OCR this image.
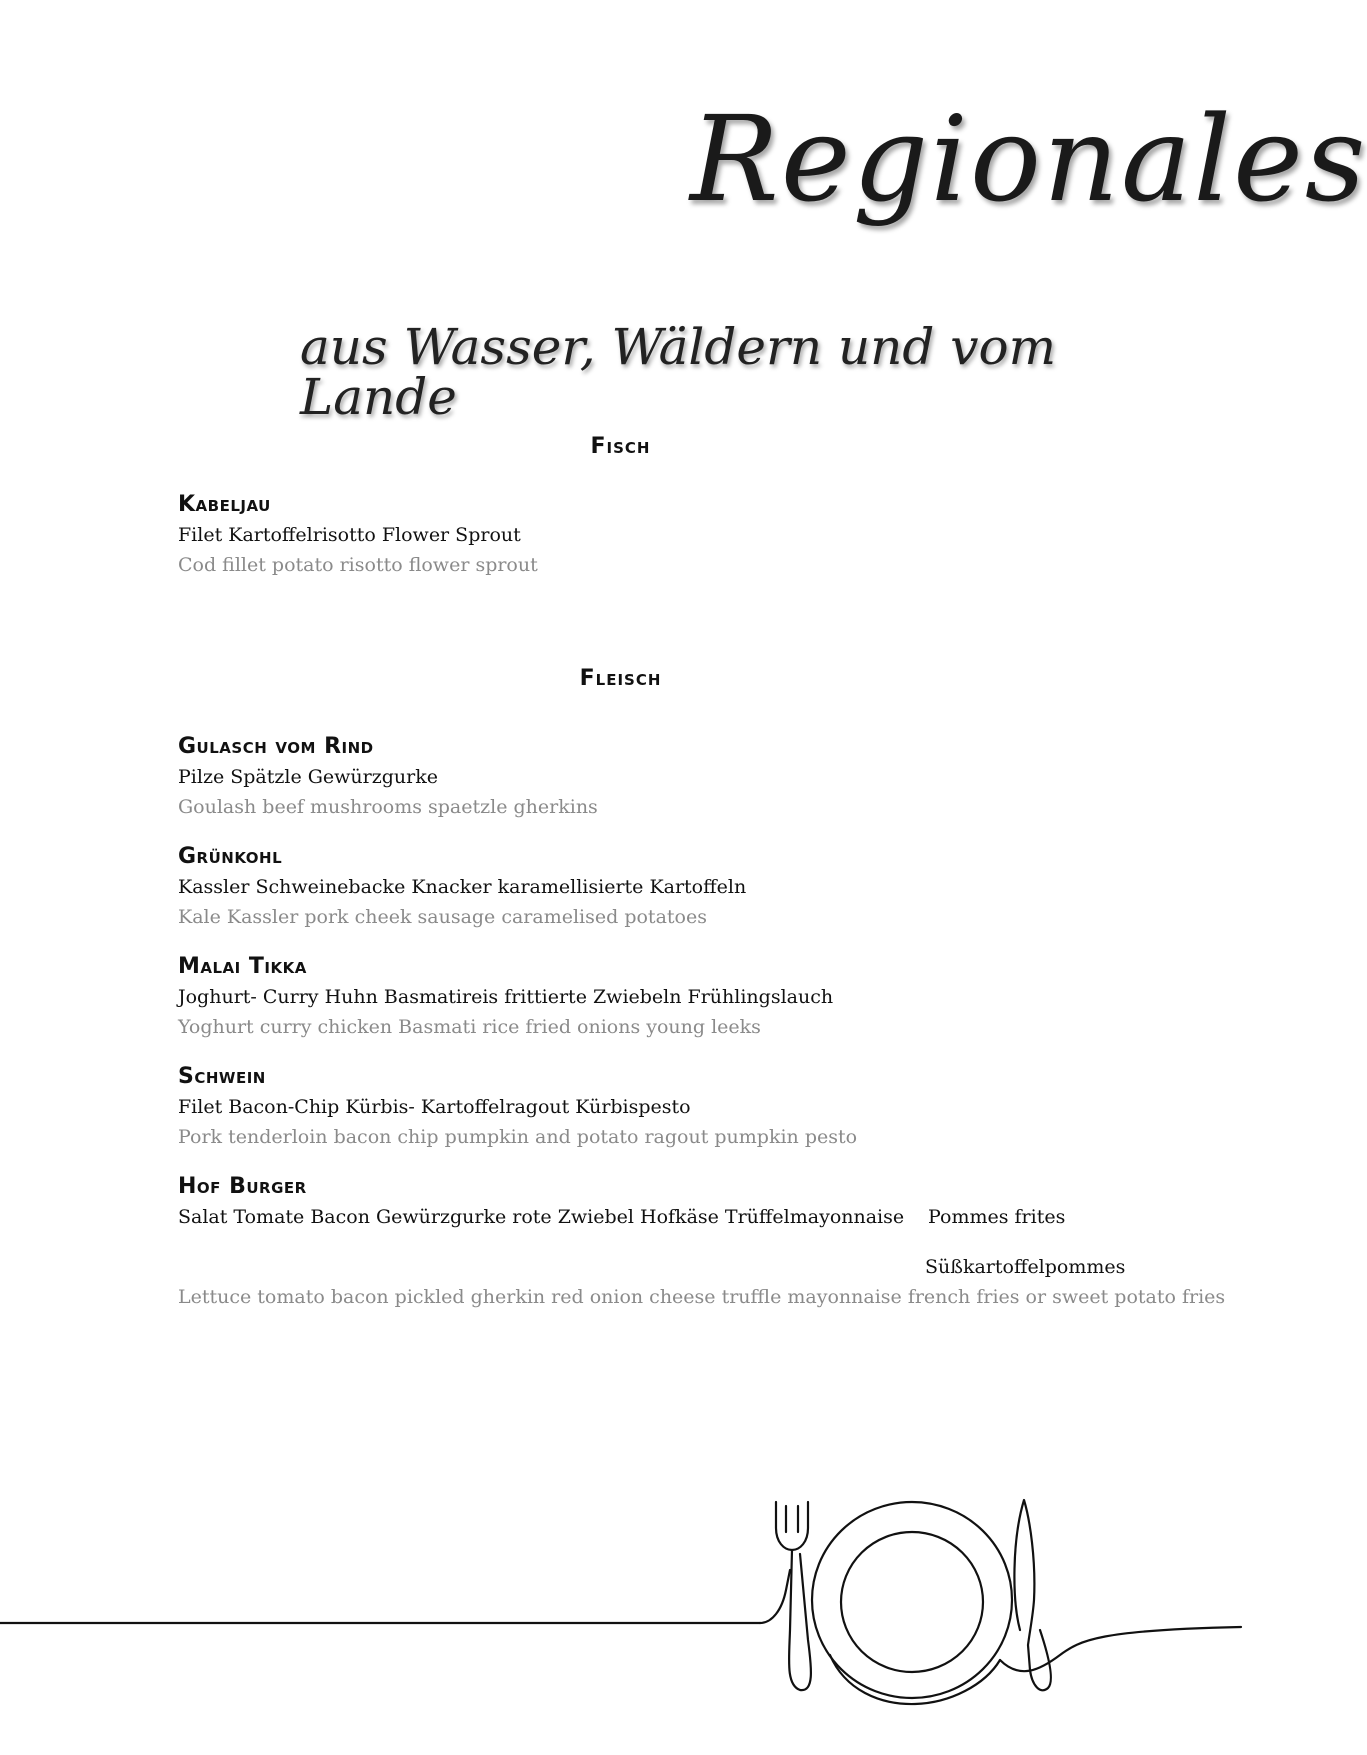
Regionales
aus Wasser, Wäldern und vom Lande
Fisch
Kabeljau
Filet Kartoffelrisotto Flower Sprout
Cod fillet potato risotto flower sprout
Fleisch
Gulasch vom Rind
Pilze Spätzle Gewürzgurke
Goulash beef mushrooms spaetzle gherkins
Grünkohl
Kassler Schweinebacke Knacker karamellisierte Kartoffeln
Kale Kassler pork cheek sausage caramelised potatoes
Malai Tikka
Joghurt- Curry Huhn Basmatireis frittierte Zwiebeln Frühlingslauch
Yoghurt curry chicken Basmati rice fried onions young leeks
Schwein
Filet Bacon-Chip Kürbis- Kartoffelragout Kürbispesto
Pork tenderloin bacon chip pumpkin and potato ragout pumpkin pesto
Hof Burger
Salat Tomate Bacon Gewürzgurke rote Zwiebel Hofkäse Trüffelmayonnaise Pommes frites
Süßkartoffelpommes
Lettuce tomato bacon pickled gherkin red onion cheese truffle mayonnaise french fries or sweet potato fries
